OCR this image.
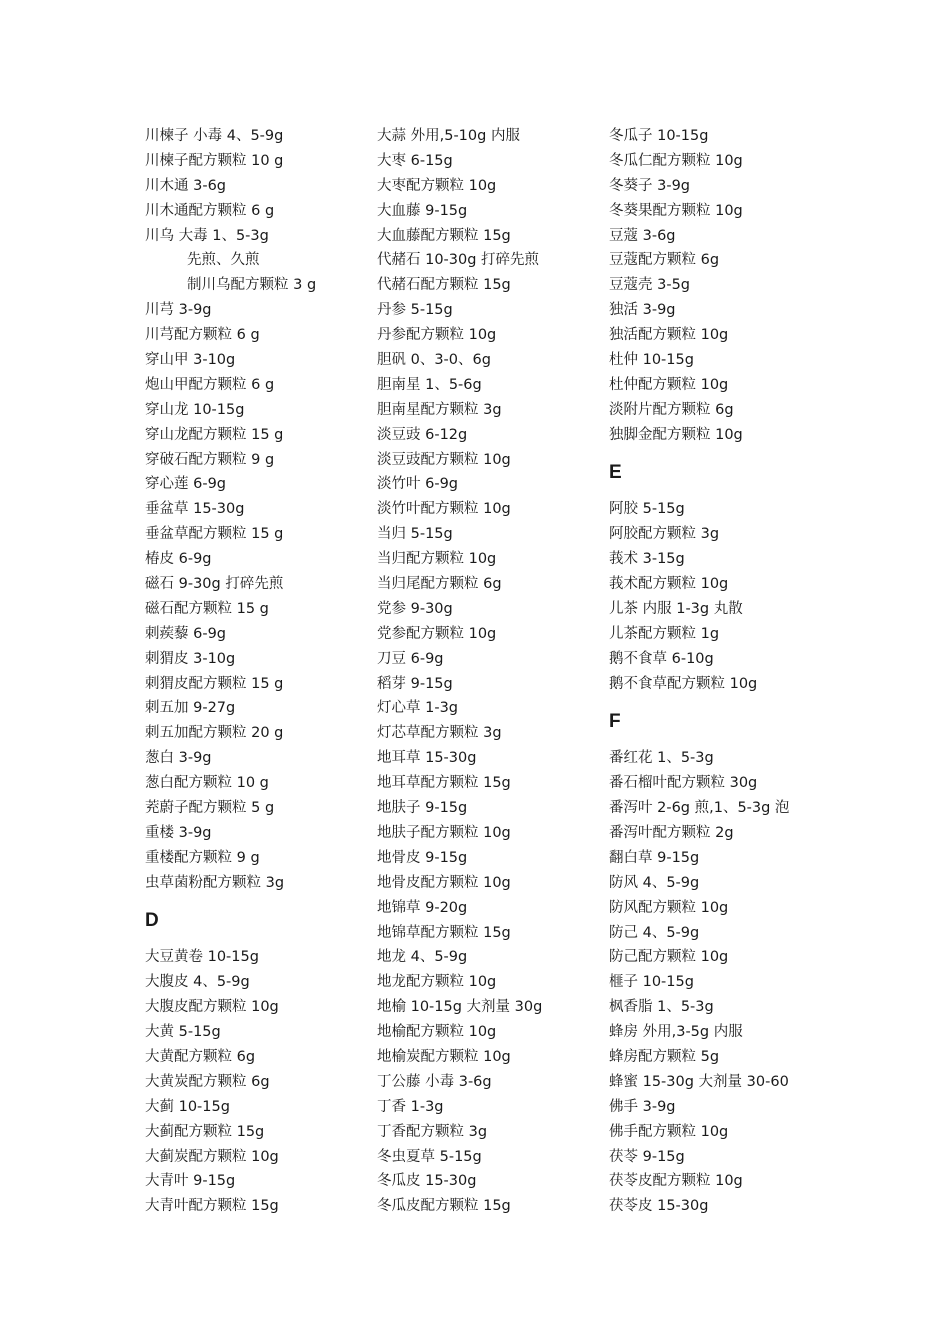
川楝子 小毒 4、5-9g
川楝子配方颗粒 10 g
川木通 3-6g
川木通配方颗粒 6 g
川乌 大毒 1、5-3g
先煎、久煎
制川乌配方颗粒 3 g
川芎 3-9g
川芎配方颗粒 6 g
穿山甲 3-10g
炮山甲配方颗粒 6 g
穿山龙 10-15g
穿山龙配方颗粒 15 g
穿破石配方颗粒 9 g
穿心莲 6-9g
垂盆草 15-30g
垂盆草配方颗粒 15 g
椿皮 6-9g
磁石 9-30g 打碎先煎
磁石配方颗粒 15 g
刺蒺藜 6-9g
刺猬皮 3-10g
刺猬皮配方颗粒 15 g
刺五加 9-27g
刺五加配方颗粒 20 g
葱白 3-9g
葱白配方颗粒 10 g
茺蔚子配方颗粒 5 g
重楼 3-9g
重楼配方颗粒 9 g
虫草菌粉配方颗粒 3g
D
大豆黄卷 10-15g
大腹皮 4、5-9g
大腹皮配方颗粒 10g
大黄 5-15g
大黄配方颗粒 6g
大黄炭配方颗粒 6g
大蓟 10-15g
大蓟配方颗粒 15g
大蓟炭配方颗粒 10g
大青叶 9-15g
大青叶配方颗粒 15g
大蒜 外用,5-10g 内服
大枣 6-15g
大枣配方颗粒 10g
大血藤 9-15g
大血藤配方颗粒 15g
代赭石 10-30g 打碎先煎
代赭石配方颗粒 15g
丹参 5-15g
丹参配方颗粒 10g
胆矾 0、3-0、6g
胆南星 1、5-6g
胆南星配方颗粒 3g
淡豆豉 6-12g
淡豆豉配方颗粒 10g
淡竹叶 6-9g
淡竹叶配方颗粒 10g
当归 5-15g
当归配方颗粒 10g
当归尾配方颗粒 6g
党参 9-30g
党参配方颗粒 10g
刀豆 6-9g
稻芽 9-15g
灯心草 1-3g
灯芯草配方颗粒 3g
地耳草 15-30g
地耳草配方颗粒 15g
地肤子 9-15g
地肤子配方颗粒 10g
地骨皮 9-15g
地骨皮配方颗粒 10g
地锦草 9-20g
地锦草配方颗粒 15g
地龙 4、5-9g
地龙配方颗粒 10g
地榆 10-15g 大剂量 30g
地榆配方颗粒 10g
地榆炭配方颗粒 10g
丁公藤 小毒 3-6g
丁香 1-3g
丁香配方颗粒 3g
冬虫夏草 5-15g
冬瓜皮 15-30g
冬瓜皮配方颗粒 15g
冬瓜子 10-15g
冬瓜仁配方颗粒 10g
冬葵子 3-9g
冬葵果配方颗粒 10g
豆蔻 3-6g
豆蔻配方颗粒 6g
豆蔻壳 3-5g
独活 3-9g
独活配方颗粒 10g
杜仲 10-15g
杜仲配方颗粒 10g
淡附片配方颗粒 6g
独脚金配方颗粒 10g
E
阿胶 5-15g
阿胶配方颗粒 3g
莪术 3-15g
莪术配方颗粒 10g
儿茶 内服 1-3g 丸散
儿茶配方颗粒 1g
鹅不食草 6-10g
鹅不食草配方颗粒 10g
F
番红花 1、5-3g
番石榴叶配方颗粒 30g
番泻叶 2-6g 煎,1、5-3g 泡
番泻叶配方颗粒 2g
翻白草 9-15g
防风 4、5-9g
防风配方颗粒 10g
防己 4、5-9g
防己配方颗粒 10g
榧子 10-15g
枫香脂 1、5-3g
蜂房 外用,3-5g 内服
蜂房配方颗粒 5g
蜂蜜 15-30g 大剂量 30-60
佛手 3-9g
佛手配方颗粒 10g
茯苓 9-15g
茯苓皮配方颗粒 10g
茯苓皮 15-30g
